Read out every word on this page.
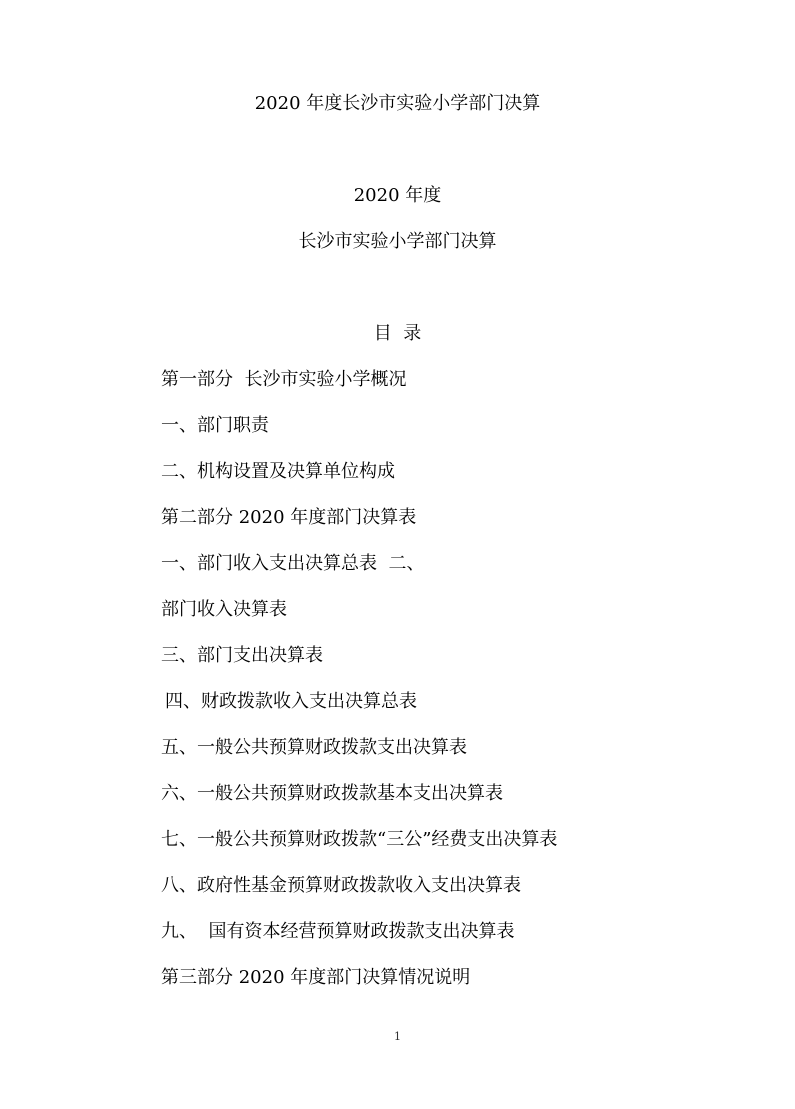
2020 年度长沙市实验小学部门决算
2020 年度
长沙市实验小学部门决算
目  录
第一部分  长沙市实验小学概况
一、部门职责
二、机构设置及决算单位构成
第二部分 2020 年度部门决算表
一、部门收入支出决算总表  二、
部门收入决算表
三、部门支出决算表
四、财政拨款收入支出决算总表
五、一般公共预算财政拨款支出决算表
六、一般公共预算财政拨款基本支出决算表
七、一般公共预算财政拨款“三公”经费支出决算表
八、政府性基金预算财政拨款收入支出决算表
九、  国有资本经营预算财政拨款支出决算表
第三部分 2020 年度部门决算情况说明
1
